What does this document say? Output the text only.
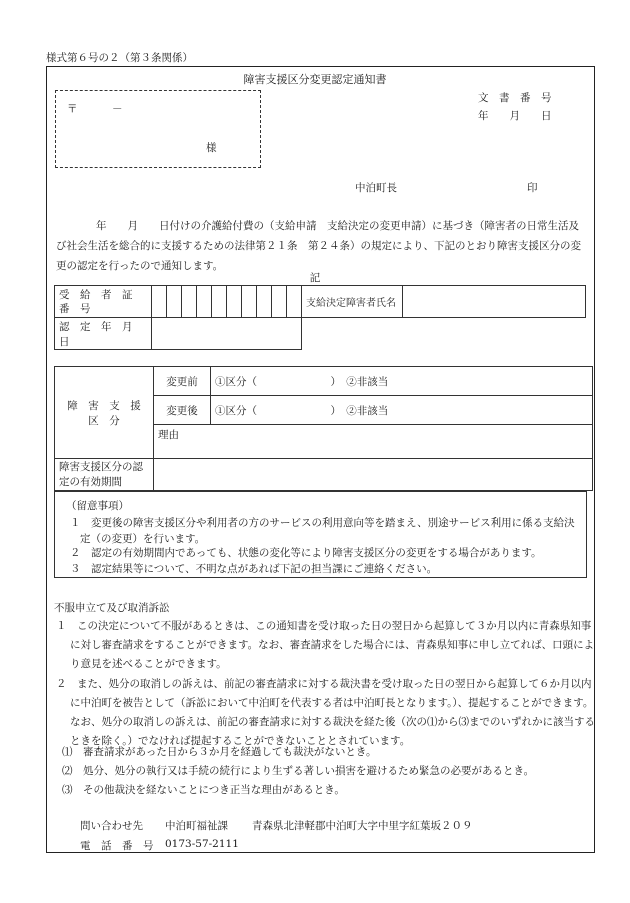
様式第６号の２（第３条関係）
障害支援区分変更認定通知書
〒	－
様
文　書　番　号
年　　月　　日
中泊町長	印
年　　月　　日付けの介護給付費の（支給申請　支給決定の変更申請）に基づき（障害者の日常生活及び社会生活を総合的に支援するための法律第２１条　第２４条）の規定により、下記のとおり障害支援区分の変更の認定を行ったので通知します。
記
受　給　者　証　番　号											支給決定障害者氏名	
認　定　年　月　日												
障　害　支　援　区　分	変更前	①区分（　　　　　　　）　②非該当
	変更後	①区分（　　　　　　　）　②非該当
	理由	
障害支援区分の認定の有効期間		
（留意事項）
１　変更後の障害支援区分や利用者の方のサービスの利用意向等を踏まえ、別途サービス利用に係る支給決定（の変更）を行います。
２　認定の有効期間内であっても、状態の変化等により障害支援区分の変更をする場合があります。
３　認定結果等について、不明な点があれば下記の担当課にご連絡ください。
不服申立て及び取消訴訟
１　この決定について不服があるときは、この通知書を受け取った日の翌日から起算して３か月以内に青森県知事に対し審査請求をすることができます。なお、審査請求をした場合には、青森県知事に申し立てれば、口頭により意見を述べることができます。
２　また、処分の取消しの訴えは、前記の審査請求に対する裁決書を受け取った日の翌日から起算して６か月以内に中泊町を被告として（訴訟において中泊町を代表する者は中泊町長となります。）、提起することができます。なお、処分の取消しの訴えは、前記の審査請求に対する裁決を経た後（次の⑴から⑶までのいずれかに該当するときを除く。）でなければ提起することができないこととされています。
⑴　審査請求があった日から３か月を経過しても裁決がないとき。
⑵　処分、処分の執行又は手続の続行により生ずる著しい損害を避けるため緊急の必要があるとき。
⑶　その他裁決を経ないことにつき正当な理由があるとき。
問い合わせ先 中泊町福祉課 青森県北津軽郡中泊町大字中里字紅葉坂２０９
電　話　番　号 0173-57-2111
